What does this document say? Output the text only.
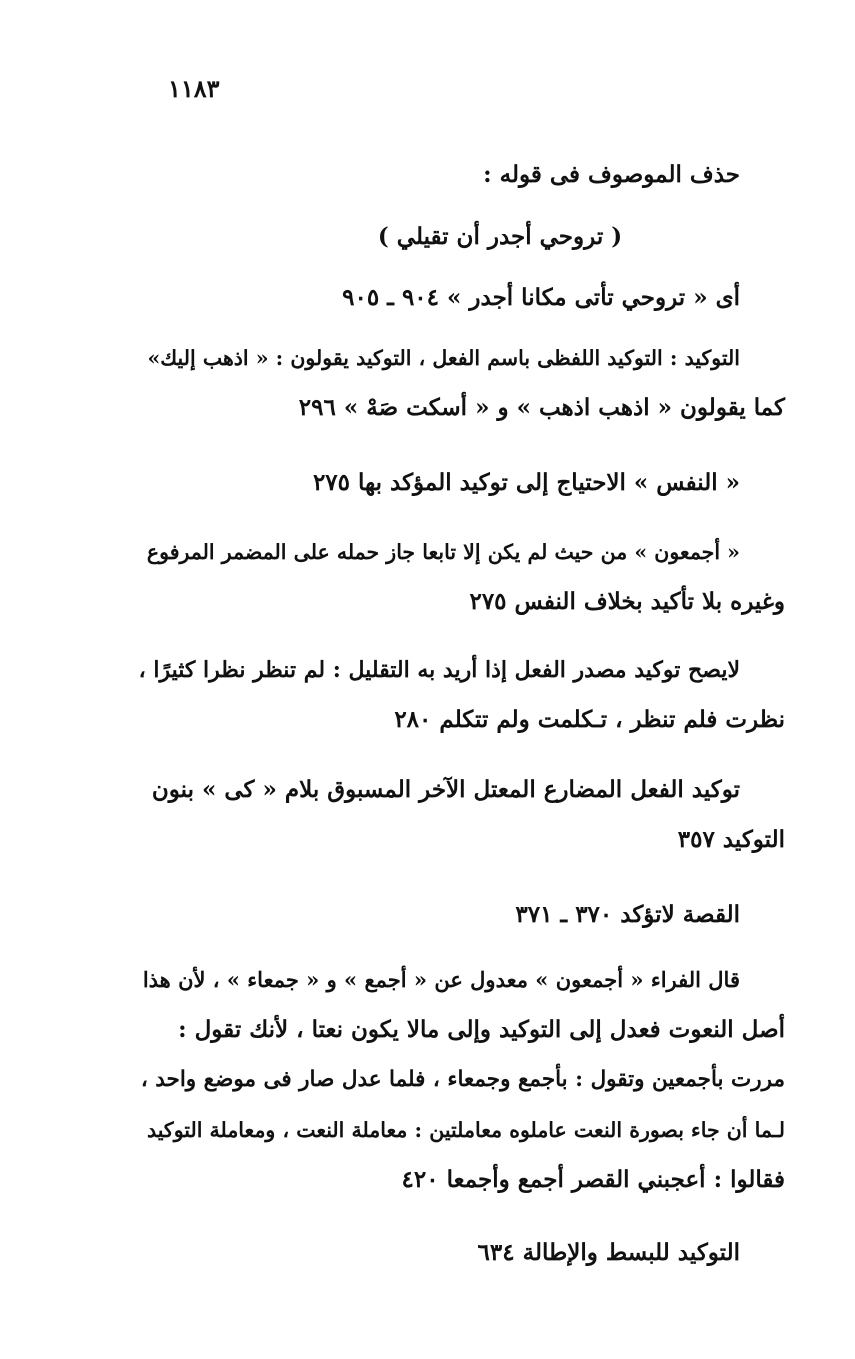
١١٨٣
حذف الموصوف فى قوله :
( تروحي أجدر أن تقيلي )
أى « تروحي تأتى مكانا أجدر » ٩٠٤ ـ ٩٠٥
التوكيد : التوكيد اللفظى باسم الفعل ، التوكيد يقولون : « اذهب إليك»
كما يقولون « اذهب اذهب » و « أسكت صَهْ » ٢٩٦
« النفس » الاحتياج إلى توكيد المؤكد بها ٢٧٥
« أجمعون » من حيث لم يكن إلا تابعا جاز حمله على المضمر المرفوع
وغيره بلا تأكيد بخلاف النفس ٢٧٥
لايصح توكيد مصدر الفعل إذا أريد به التقليل : لم تنظر نظرا كثيرًا ،
نظرت فلم تنظر ، تـكلمت ولم تتكلم ٢٨٠
توكيد الفعل المضارع المعتل الآخر المسبوق بلام « كى » بنون
التوكيد ٣٥٧
القصة لاتؤكد ٣٧٠ ـ ٣٧١
قال الفراء « أجمعون » معدول عن « أجمع » و « جمعاء » ، لأن هذا
أصل النعوت فعدل إلى التوكيد وإلى مالا يكون نعتا ، لأنك تقول :
مررت بأجمعين وتقول : بأجمع وجمعاء ، فلما عدل صار فى موضع واحد ،
لـما أن جاء بصورة النعت عاملوه معاملتين : معاملة النعت ، ومعاملة التوكيد
فقالوا : أعجبني القصر أجمع وأجمعا ٤٢٠
التوكيد للبسط والإطالة ٦٣٤
